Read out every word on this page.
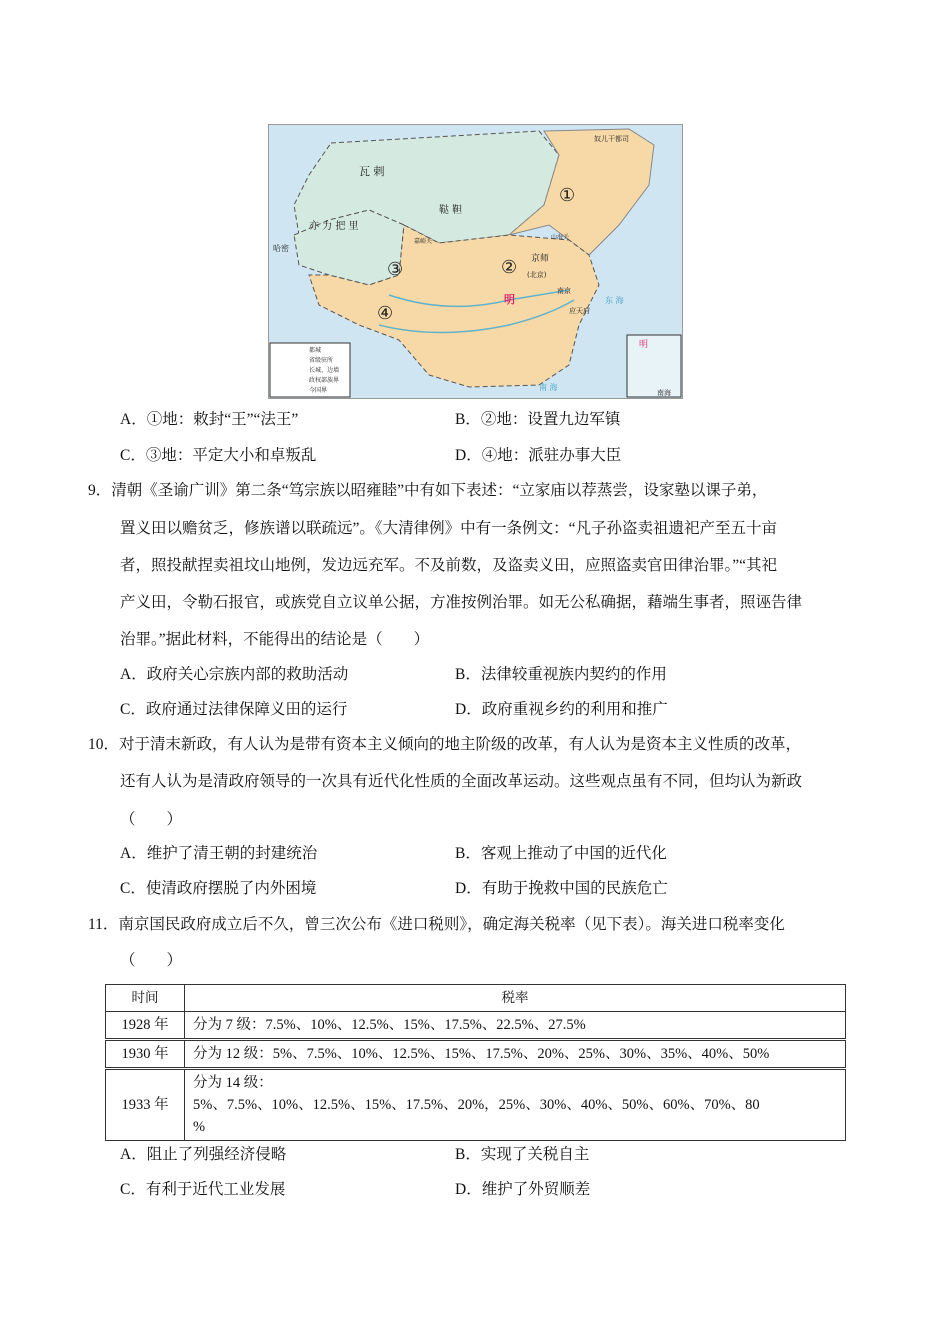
瓦 剌
鞑 靼
亦 力 把 里
哈密
明
京师
(北京)
南京
应天府
山海关
嘉峪关
奴儿干都司
①
②
③
④
东 海
南 海
明
南海
都城
省级驻所
长城、边墙
政权部族界
今国界
A．①地：敕封“王”“法王”	B．②地：设置九边军镇
C．③地：平定大小和卓叛乱	D．④地：派驻办事大臣
9．清朝《圣谕广训》第二条“笃宗族以昭雍睦”中有如下表述：“立家庙以荐蒸尝，设家塾以课子弟，
置义田以赡贫乏，修族谱以联疏远”。《大清律例》中有一条例文：“凡子孙盗卖祖遗祀产至五十亩
者，照投献捏卖祖坟山地例，发边远充军。不及前数，及盗卖义田，应照盗卖官田律治罪。”“其祀
产义田，令勒石报官，或族党自立议单公据，方准按例治罪。如无公私确据，藉端生事者，照诬告律
治罪。”据此材料，不能得出的结论是（　　）
A．政府关心宗族内部的救助活动	B．法律较重视族内契约的作用
C．政府通过法律保障义田的运行	D．政府重视乡约的利用和推广
10．对于清末新政，有人认为是带有资本主义倾向的地主阶级的改革，有人认为是资本主义性质的改革，
还有人认为是清政府领导的一次具有近代化性质的全面改革运动。这些观点虽有不同，但均认为新政
（　　）
A．维护了清王朝的封建统治	B．客观上推动了中国的近代化
C．使清政府摆脱了内外困境	D．有助于挽救中国的民族危亡
11．南京国民政府成立后不久，曾三次公布《进口税则》，确定海关税率（见下表）。海关进口税率变化
（　　）
时间	税率
1928 年	分为 7 级：7.5%、10%、12.5%、15%、17.5%、22.5%、27.5%
1930 年	分为 12 级：5%、7.5%、10%、12.5%、15%、17.5%、20%、25%、30%、35%、40%、50%
1933 年	分为 14 级：
5%、7.5%、10%、12.5%、15%、17.5%、20%，25%、30%、40%、50%、60%、70%、80
%
A．阻止了列强经济侵略	B．实现了关税自主
C．有利于近代工业发展	D．维护了外贸顺差
